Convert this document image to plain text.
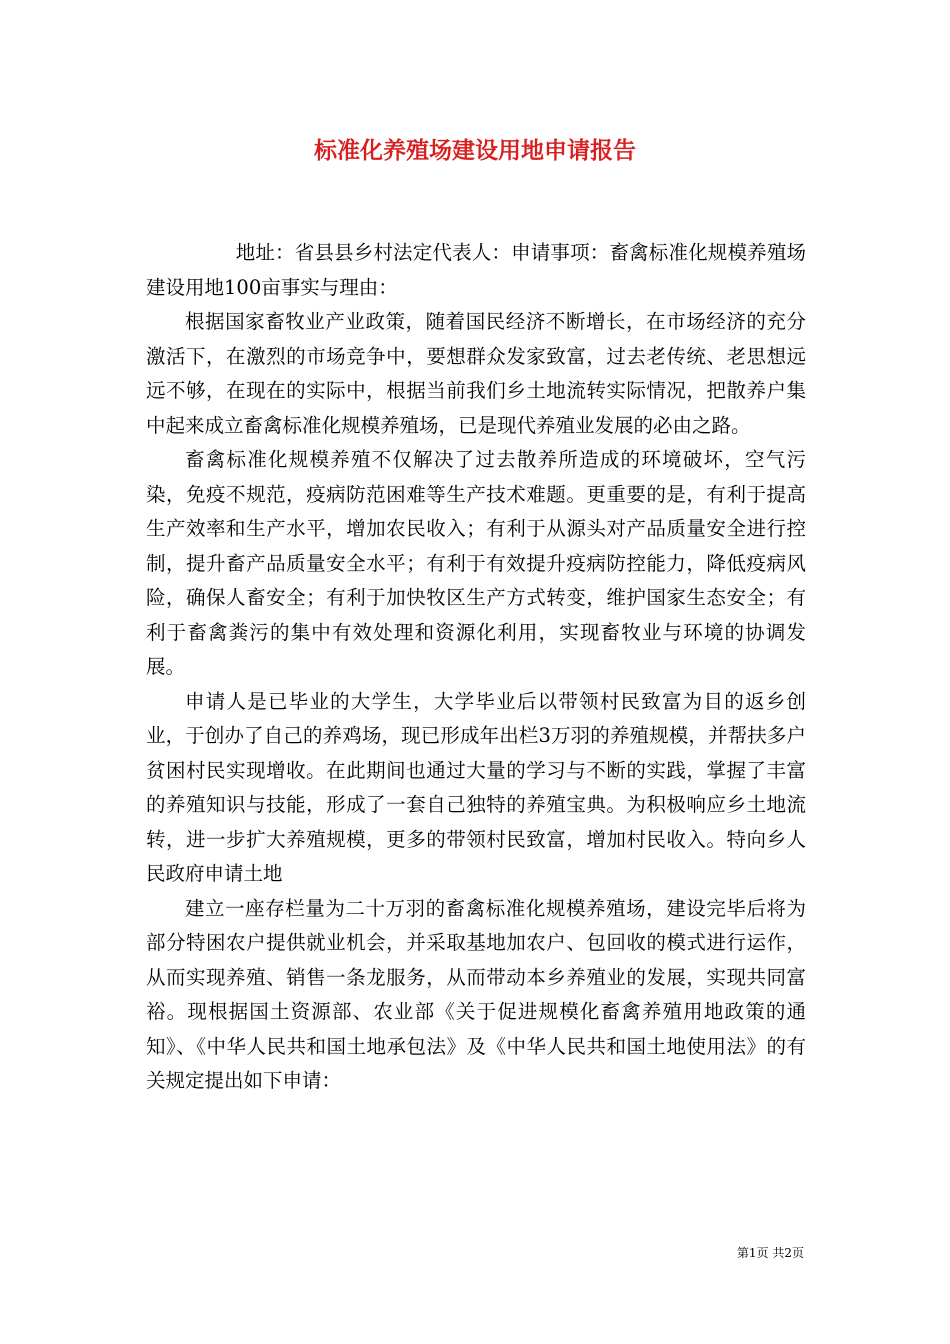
标准化养殖场建设用地申请报告

地址：省县县乡村法定代表人：申请事项：畜禽标准化规模养殖场建设用地100亩事实与理由：

根据国家畜牧业产业政策，随着国民经济不断增长，在市场经济的充分激活下，在激烈的市场竞争中，要想群众发家致富，过去老传统、老思想远远不够，在现在的实际中，根据当前我们乡土地流转实际情况，把散养户集中起来成立畜禽标准化规模养殖场，已是现代养殖业发展的必由之路。

畜禽标准化规模养殖不仅解决了过去散养所造成的环境破坏，空气污染，免疫不规范，疫病防范困难等生产技术难题。更重要的是，有利于提高生产效率和生产水平，增加农民收入；有利于从源头对产品质量安全进行控制，提升畜产品质量安全水平；有利于有效提升疫病防控能力，降低疫病风险，确保人畜安全；有利于加快牧区生产方式转变，维护国家生态安全；有利于畜禽粪污的集中有效处理和资源化利用，实现畜牧业与环境的协调发展。

申请人是已毕业的大学生，大学毕业后以带领村民致富为目的返乡创业，于创办了自己的养鸡场，现已形成年出栏3万羽的养殖规模，并帮扶多户贫困村民实现增收。在此期间也通过大量的学习与不断的实践，掌握了丰富的养殖知识与技能，形成了一套自己独特的养殖宝典。为积极响应乡土地流转，进一步扩大养殖规模，更多的带领村民致富，增加村民收入。特向乡人民政府申请土地

建立一座存栏量为二十万羽的畜禽标准化规模养殖场，建设完毕后将为部分特困农户提供就业机会，并采取基地加农户、包回收的模式进行运作，从而实现养殖、销售一条龙服务，从而带动本乡养殖业的发展，实现共同富裕。现根据国土资源部、农业部《关于促进规模化畜禽养殖用地政策的通知》、《中华人民共和国土地承包法》及《中华人民共和国土地使用法》的有关规定提出如下申请：

第1页 共2页
